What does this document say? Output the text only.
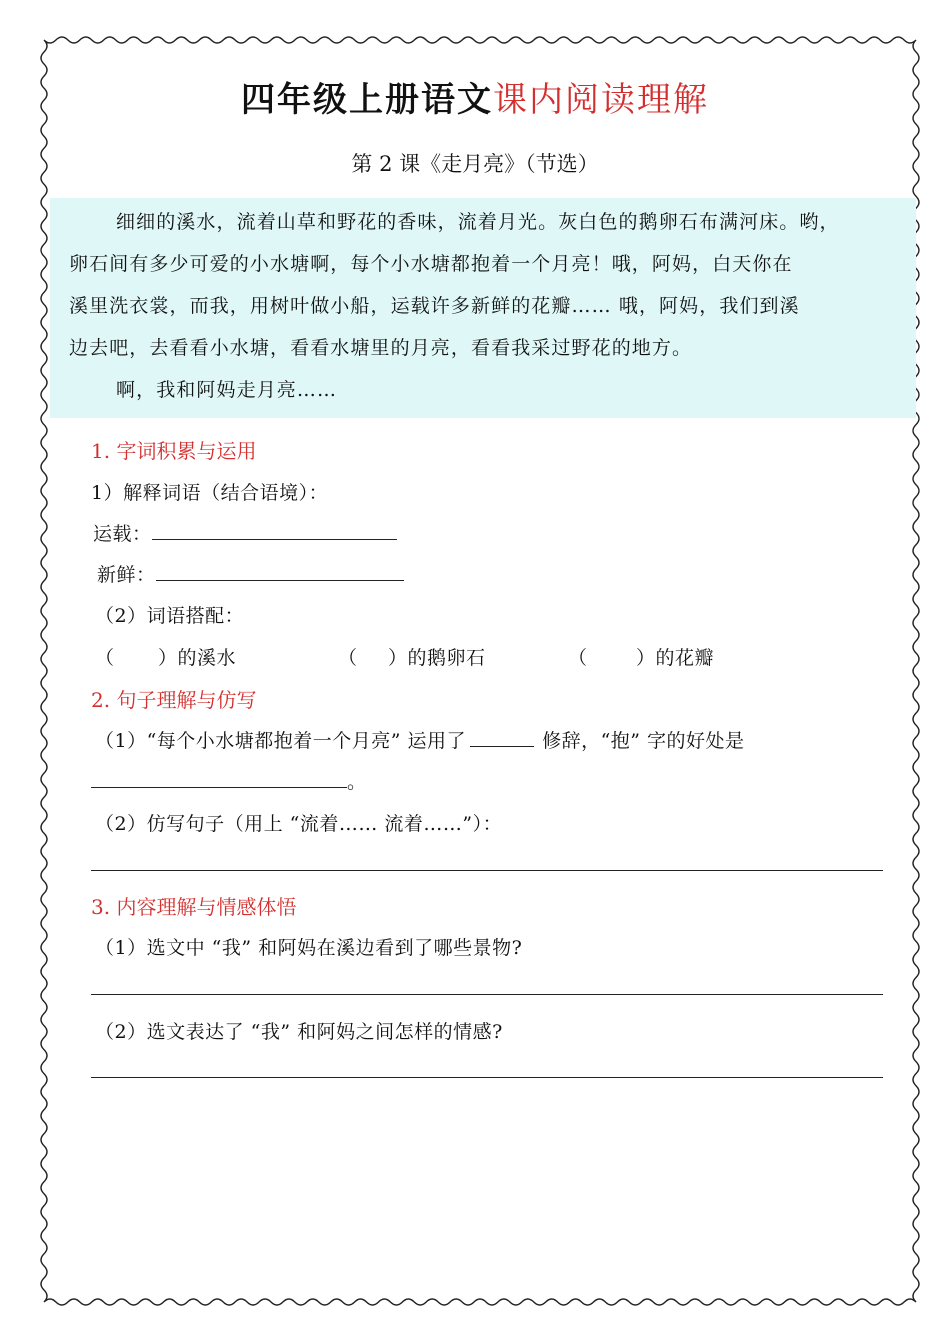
四年级上册语文课内阅读理解
第 2 课《走月亮》（节选）
细细的溪水，流着山草和野花的香味，流着月光。灰白色的鹅卵石布满河床。哟，
卵石间有多少可爱的小水塘啊，每个小水塘都抱着一个月亮！哦，阿妈，白天你在
溪里洗衣裳，而我，用树叶做小船，运载许多新鲜的花瓣…… 哦，阿妈，我们到溪
边去吧，去看看小水塘，看看水塘里的月亮，看看我采过野花的地方。
啊，我和阿妈走月亮……
1. 字词积累与运用
1）解释词语（结合语境）：
运载：
新鲜：
（2）词语搭配：
（ ）的溪水	（ ）的鹅卵石	（	）的花瓣
2. 句子理解与仿写
（1）“每个小水塘都抱着一个月亮” 运用了	修辞，“抱” 字的好处是
。
（2）仿写句子（用上 “流着…… 流着……”）：
3. 内容理解与情感体悟
（1）选文中 “我” 和阿妈在溪边看到了哪些景物?
（2）选文表达了 “我” 和阿妈之间怎样的情感?
